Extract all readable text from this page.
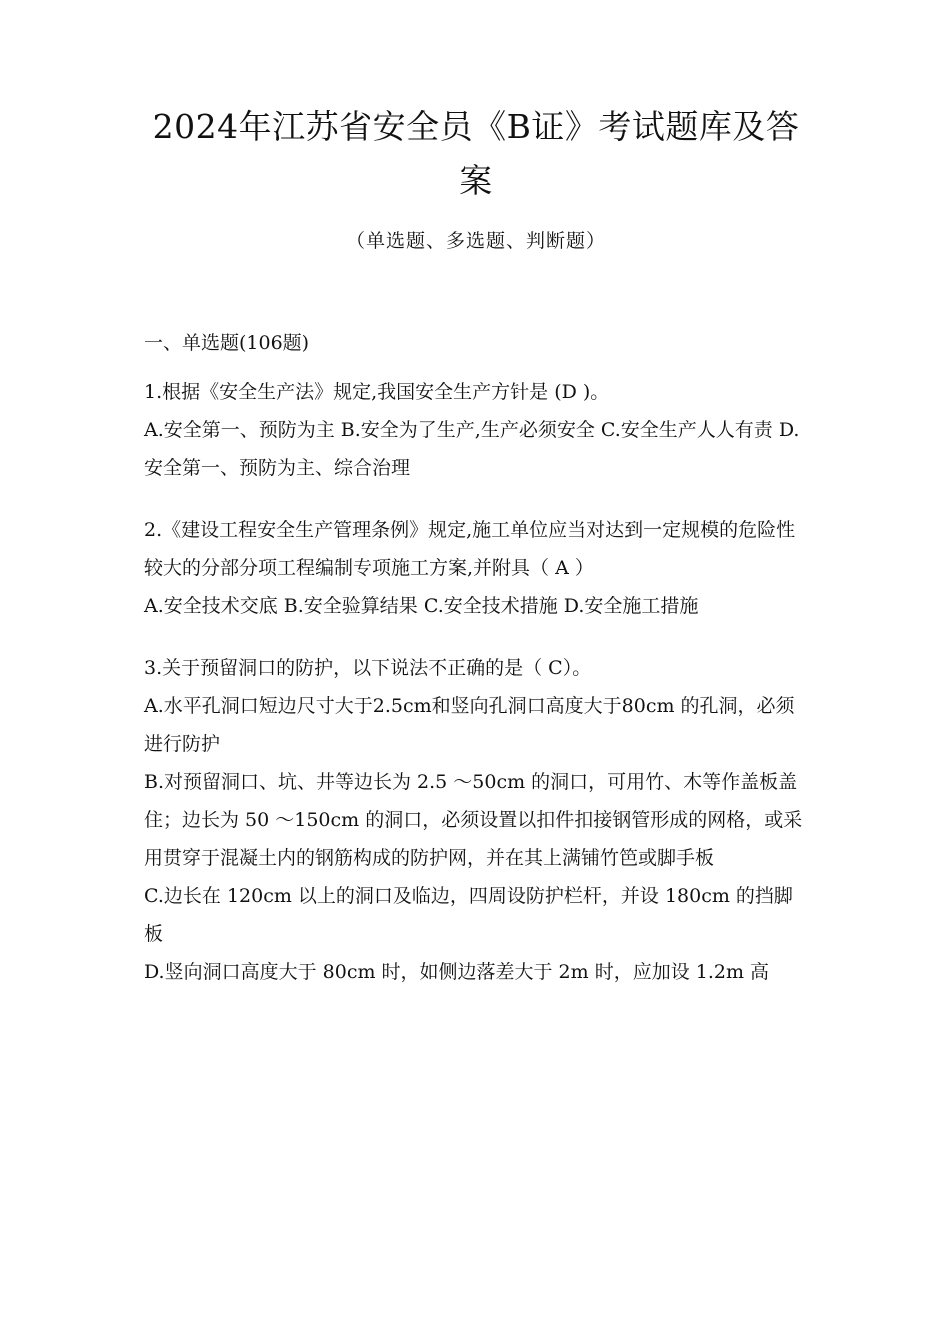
2024年江苏省安全员《B证》考试题库及答案
（单选题、多选题、判断题）
一、单选题(106题)

1.根据《安全生产法》规定,我国安全生产方针是 (D )。

A.安全第一、预防为主 B.安全为了生产,生产必须安全 C.安全生产人人有责 D.安全第一、预防为主、综合治理

2.《建设工程安全生产管理条例》规定,施工单位应当对达到一定规模的危险性较大的分部分项工程编制专项施工方案,并附具（ A ）

A.安全技术交底 B.安全验算结果 C.安全技术措施 D.安全施工措施

3.关于预留洞口的防护，以下说法不正确的是（ C）。

A.水平孔洞口短边尺寸大于2.5cm和竖向孔洞口高度大于80cm 的孔洞，必须进行防护

B.对预留洞口、坑、井等边长为 2.5 ～50cm 的洞口，可用竹、木等作盖板盖住；边长为 50 ～150cm 的洞口，必须设置以扣件扣接钢管形成的网格，或采用贯穿于混凝土内的钢筋构成的防护网，并在其上满铺竹笆或脚手板

C.边长在 120cm 以上的洞口及临边，四周设防护栏杆，并设 180cm 的挡脚板

D.竖向洞口高度大于 80cm 时，如侧边落差大于 2m 时，应加设 1.2m 高
